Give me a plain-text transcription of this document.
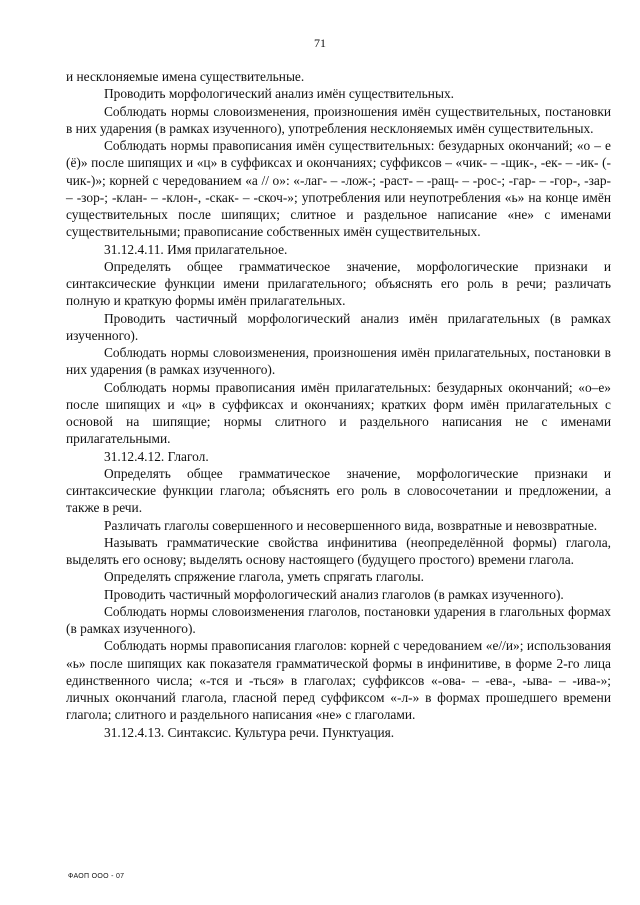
71

и несклоняемые имена существительные.

Проводить морфологический анализ имён существительных.

Соблюдать нормы словоизменения, произношения имён существительных, постановки в них ударения (в рамках изученного), употребления несклоняемых имён существительных.

Соблюдать нормы правописания имён существительных: безударных окончаний; «о – е (ё)» после шипящих и «ц» в суффиксах и окончаниях; суффиксов – «чик- – -щик-, -ек- – -ик- (-чик-)»; корней с чередованием «а // о»: «-лаг- – -лож-; -раст- – -ращ- – -рос-; -гар- – -гор-, -зар- – -зор-; -клан- – -клон-, -скак- – -скоч-»; употребления или неупотребления «ь» на конце имён существительных после шипящих; слитное и раздельное написание «не» с именами существительными; правописание собственных имён существительных.

31.12.4.11. Имя прилагательное.

Определять общее грамматическое значение, морфологические признаки и синтаксические функции имени прилагательного; объяснять его роль в речи; различать полную и краткую формы имён прилагательных.

Проводить частичный морфологический анализ имён прилагательных (в рамках изученного).

Соблюдать нормы словоизменения, произношения имён прилагательных, постановки в них ударения (в рамках изученного).

Соблюдать нормы правописания имён прилагательных: безударных окончаний; «о–е» после шипящих и «ц» в суффиксах и окончаниях; кратких форм имён прилагательных с основой на шипящие; нормы слитного и раздельного написания не с именами прилагательными.

31.12.4.12. Глагол.

Определять общее грамматическое значение, морфологические признаки и синтаксические функции глагола; объяснять его роль в словосочетании и предложении, а также в речи.

Различать глаголы совершенного и несовершенного вида, возвратные и невозвратные.

Называть грамматические свойства инфинитива (неопределённой формы) глагола, выделять его основу; выделять основу настоящего (будущего простого) времени глагола.

Определять спряжение глагола, уметь спрягать глаголы.

Проводить частичный морфологический анализ глаголов (в рамках изученного).

Соблюдать нормы словоизменения глаголов, постановки ударения в глагольных формах (в рамках изученного).

Соблюдать нормы правописания глаголов: корней с чередованием «е//и»; использования «ь» после шипящих как показателя грамматической формы в инфинитиве, в форме 2-го лица единственного числа; «-тся и -ться» в глаголах; суффиксов «-ова- – -ева-, -ыва- – -ива-»; личных окончаний глагола, гласной перед суффиксом «-л-» в формах прошедшего времени глагола; слитного и раздельного написания «не» с глаголами.

31.12.4.13. Синтаксис. Культура речи. Пунктуация.

ФАОП ООО - 07
